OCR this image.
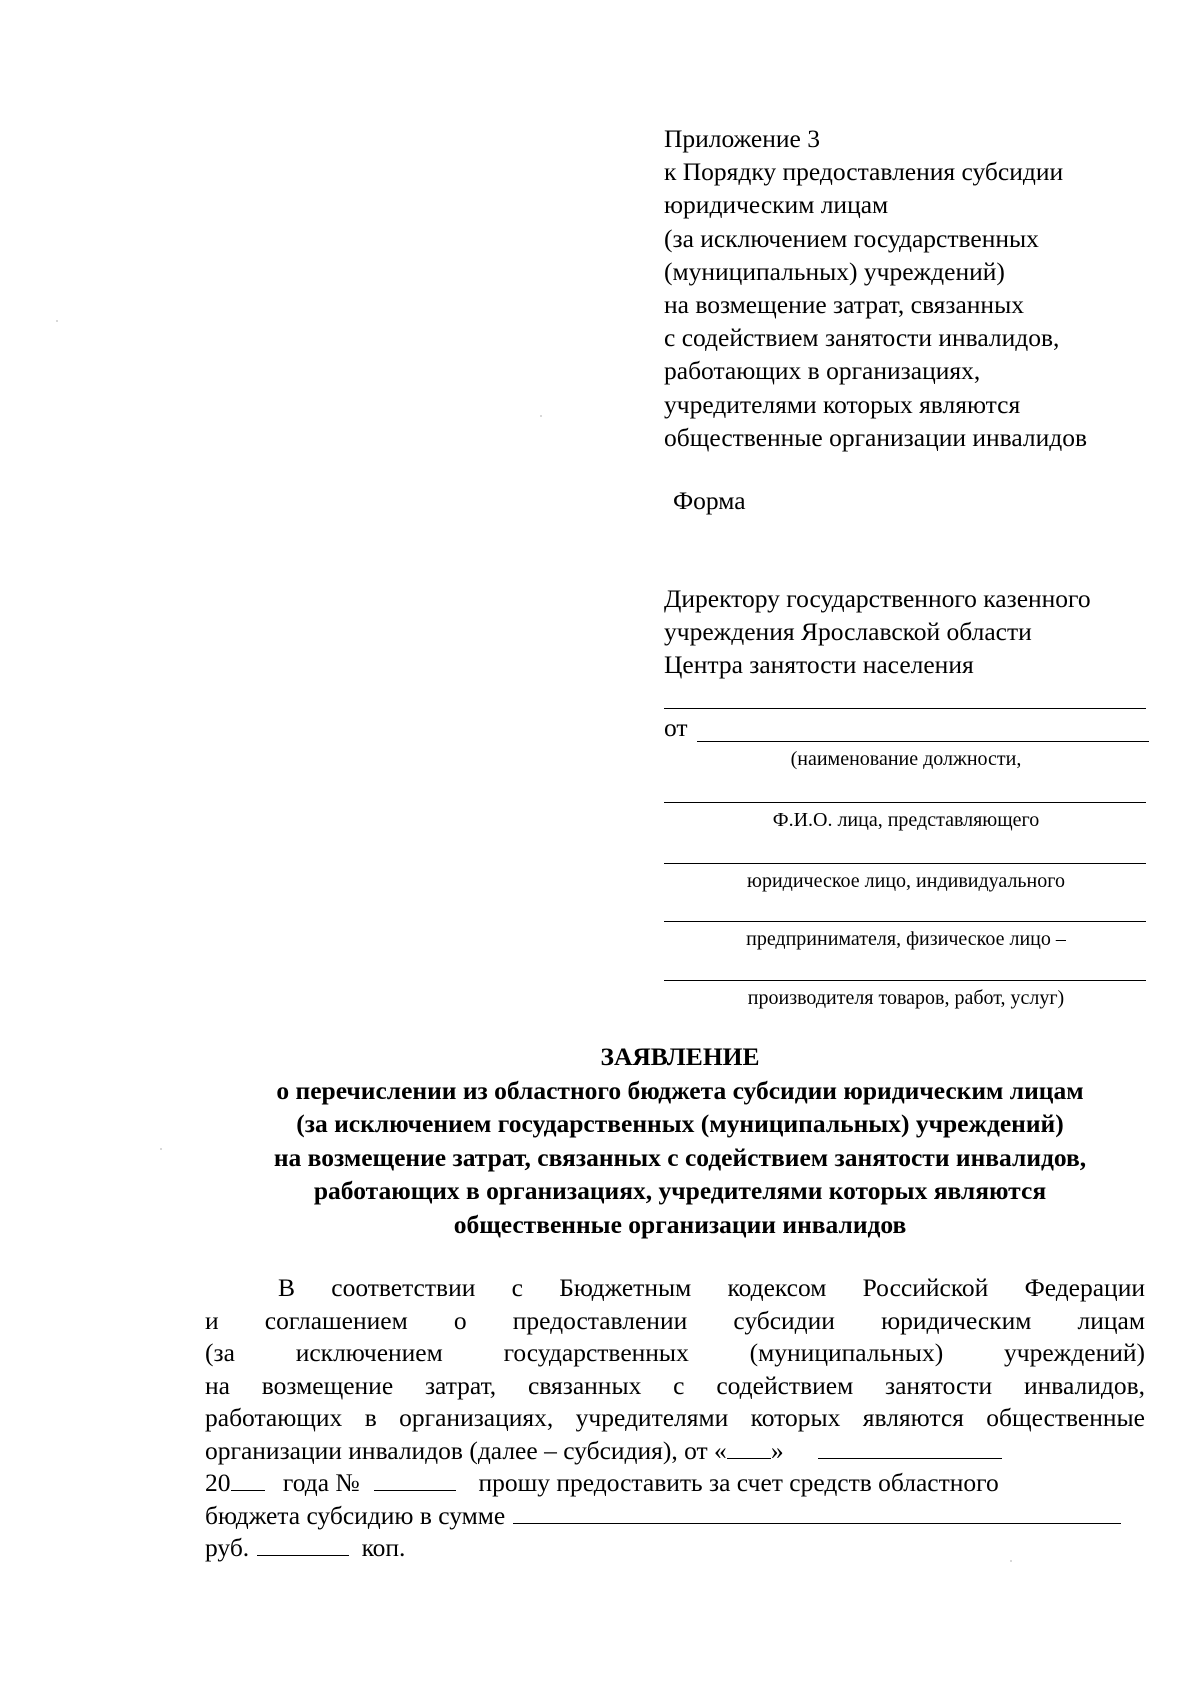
Приложение 3
к Порядку предоставления субсидии
юридическим лицам
(за исключением государственных
(муниципальных) учреждений)
на возмещение затрат, связанных
с содействием занятости инвалидов,
работающих в организациях,
учредителями которых являются
общественные организации инвалидов
Форма
Директору государственного казенного
учреждения Ярославской области
Центра занятости населения
от
(наименование должности,
Ф.И.О. лица, представляющего
юридическое лицо, индивидуального
предпринимателя, физическое лицо –
производителя товаров, работ, услуг)
ЗАЯВЛЕНИЕ
о перечислении из областного бюджета субсидии юридическим лицам
(за исключением государственных (муниципальных) учреждений)
на возмещение затрат, связанных с содействием занятости инвалидов,
работающих в организациях, учредителями которых являются
общественные организации инвалидов
В соответствии с Бюджетным кодексом Российской Федерации
и соглашением о предоставлении субсидии юридическим лицам
(за исключением государственных (муниципальных) учреждений)
на возмещение затрат, связанных с содействием занятости инвалидов,
работающих в организациях, учредителями которых являются общественные
организации инвалидов (далее – субсидия), от « »
20 года №	прошу предоставить за счет средств областного
бюджета субсидию в сумме
руб.	коп.
